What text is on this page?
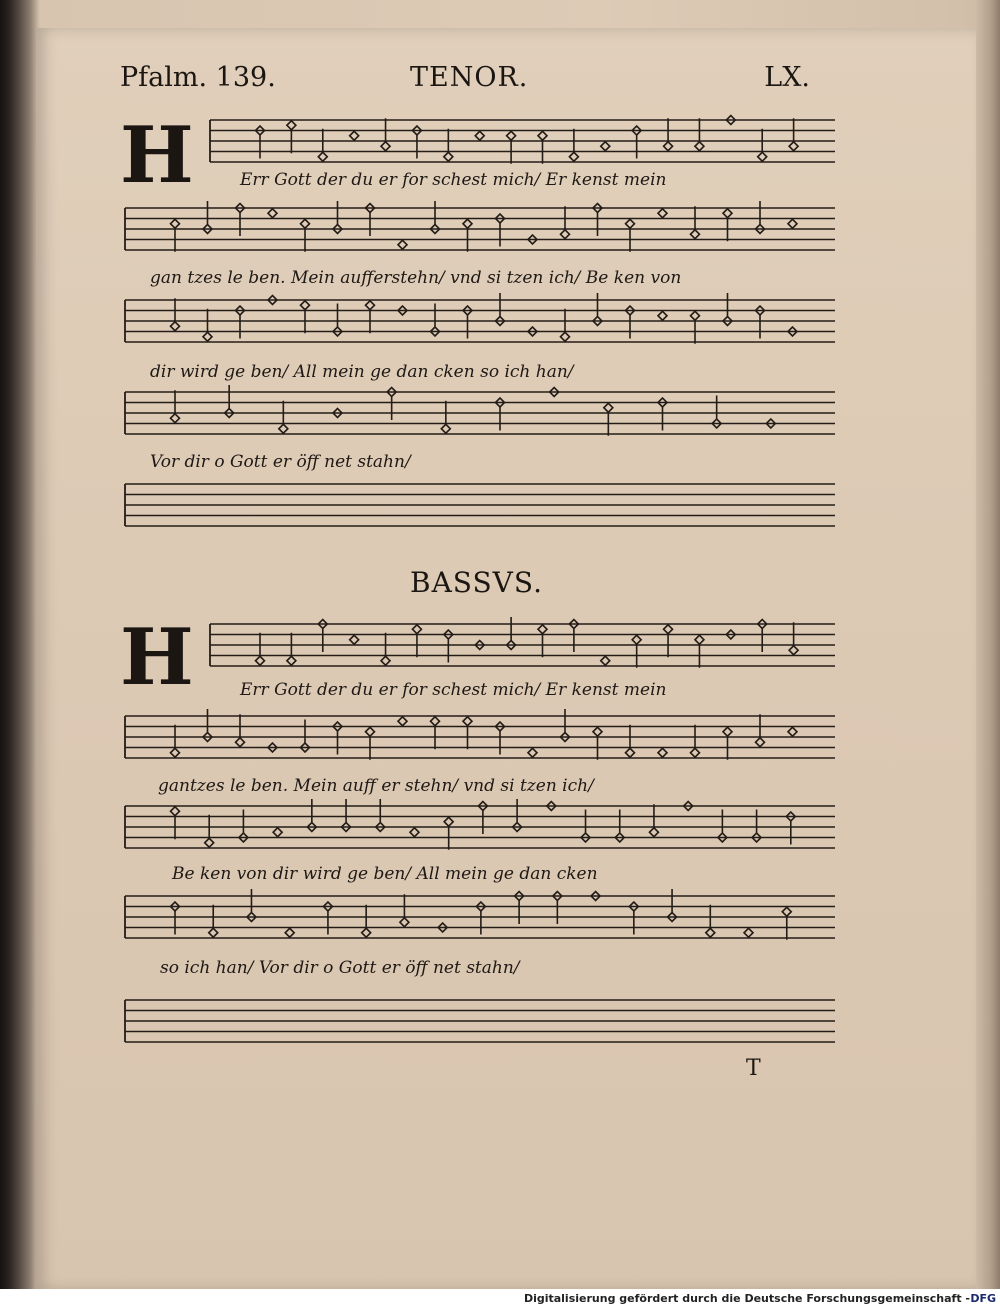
Pfalm. 139.	TENOR.	LX.
H	Err Gott der du er for schest mich/ Er kenst mein
gan tzes le ben. Mein aufferstehn/ vnd si tzen ich/ Be ken von
dir wird ge ben/ All mein ge dan cken so ich han/
Vor dir o Gott er öff net stahn/
BASSVS.
H	Err Gott der du er for schest mich/ Er kenst mein
gantzes le ben. Mein auff er stehn/ vnd si tzen ich/
Be ken von dir wird ge ben/ All mein ge dan cken
so ich han/ Vor dir o Gott er öff net stahn/
T
Digitalisierung gefördert durch die Deutsche Forschungsgemeinschaft - DFG
